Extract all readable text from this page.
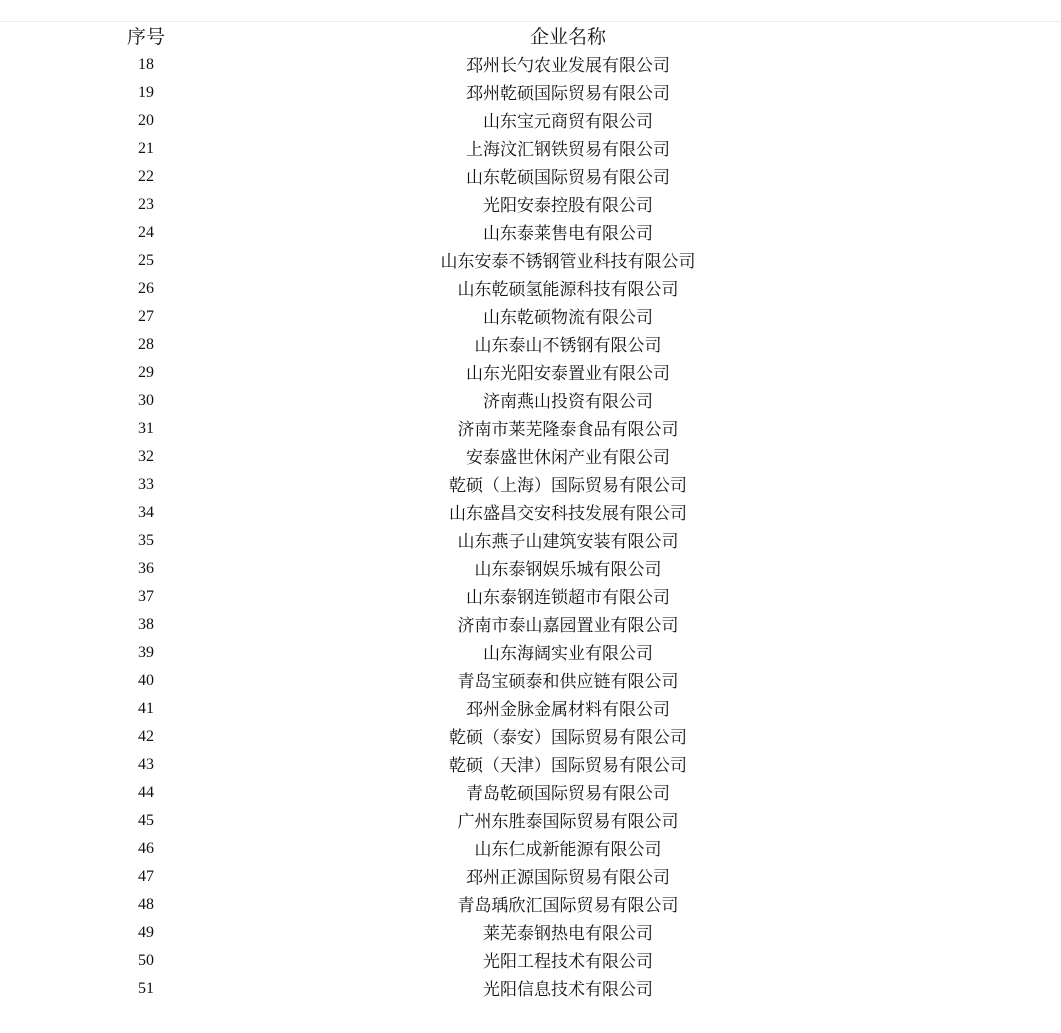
序号	企业名称
18	邳州长勺农业发展有限公司
19	邳州乾硕国际贸易有限公司
20	山东宝元商贸有限公司
21	上海汶汇钢铁贸易有限公司
22	山东乾硕国际贸易有限公司
23	光阳安泰控股有限公司
24	山东泰莱售电有限公司
25	山东安泰不锈钢管业科技有限公司
26	山东乾硕氢能源科技有限公司
27	山东乾硕物流有限公司
28	山东泰山不锈钢有限公司
29	山东光阳安泰置业有限公司
30	济南燕山投资有限公司
31	济南市莱芜隆泰食品有限公司
32	安泰盛世休闲产业有限公司
33	乾硕（上海）国际贸易有限公司
34	山东盛昌交安科技发展有限公司
35	山东燕子山建筑安装有限公司
36	山东泰钢娱乐城有限公司
37	山东泰钢连锁超市有限公司
38	济南市泰山嘉园置业有限公司
39	山东海阔实业有限公司
40	青岛宝硕泰和供应链有限公司
41	邳州金脉金属材料有限公司
42	乾硕（泰安）国际贸易有限公司
43	乾硕（天津）国际贸易有限公司
44	青岛乾硕国际贸易有限公司
45	广州东胜泰国际贸易有限公司
46	山东仁成新能源有限公司
47	邳州正源国际贸易有限公司
48	青岛瑀欣汇国际贸易有限公司
49	莱芜泰钢热电有限公司
50	光阳工程技术有限公司
51	光阳信息技术有限公司
